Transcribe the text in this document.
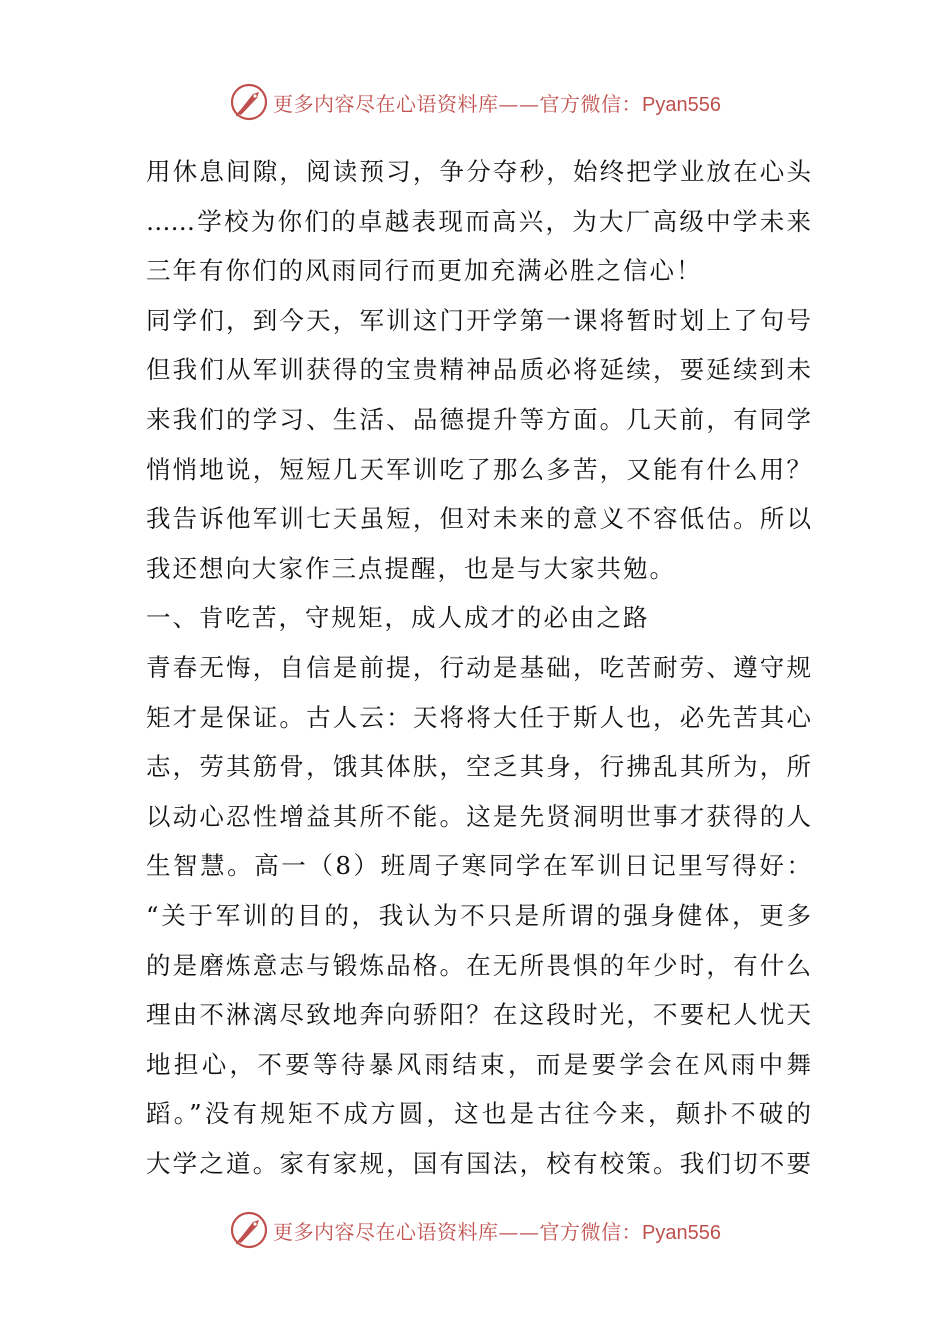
更多内容尽在心语资料库——官方微信：Pyan556
用休息间隙，阅读预习，争分夺秒，始终把学业放在心头
……学校为你们的卓越表现而高兴，为大厂高级中学未来
三年有你们的风雨同行而更加充满必胜之信心！
同学们，到今天，军训这门开学第一课将暂时划上了句号
但我们从军训获得的宝贵精神品质必将延续，要延续到未
来我们的学习、生活、品德提升等方面。几天前，有同学
悄悄地说，短短几天军训吃了那么多苦，又能有什么用？
我告诉他军训七天虽短，但对未来的意义不容低估。所以
我还想向大家作三点提醒，也是与大家共勉。
一、肯吃苦，守规矩，成人成才的必由之路
青春无悔，自信是前提，行动是基础，吃苦耐劳、遵守规
矩才是保证。古人云：天将将大任于斯人也，必先苦其心
志，劳其筋骨，饿其体肤，空乏其身，行拂乱其所为，所
以动心忍性增益其所不能。这是先贤洞明世事才获得的人
生智慧。高一（8）班周子寒同学在军训日记里写得好：
“关于军训的目的，我认为不只是所谓的强身健体，更多
的是磨炼意志与锻炼品格。在无所畏惧的年少时，有什么
理由不淋漓尽致地奔向骄阳？在这段时光，不要杞人忧天
地担心，不要等待暴风雨结束，而是要学会在风雨中舞
蹈。”没有规矩不成方圆，这也是古往今来，颠扑不破的
大学之道。家有家规，国有国法，校有校策。我们切不要
更多内容尽在心语资料库——官方微信：Pyan556
